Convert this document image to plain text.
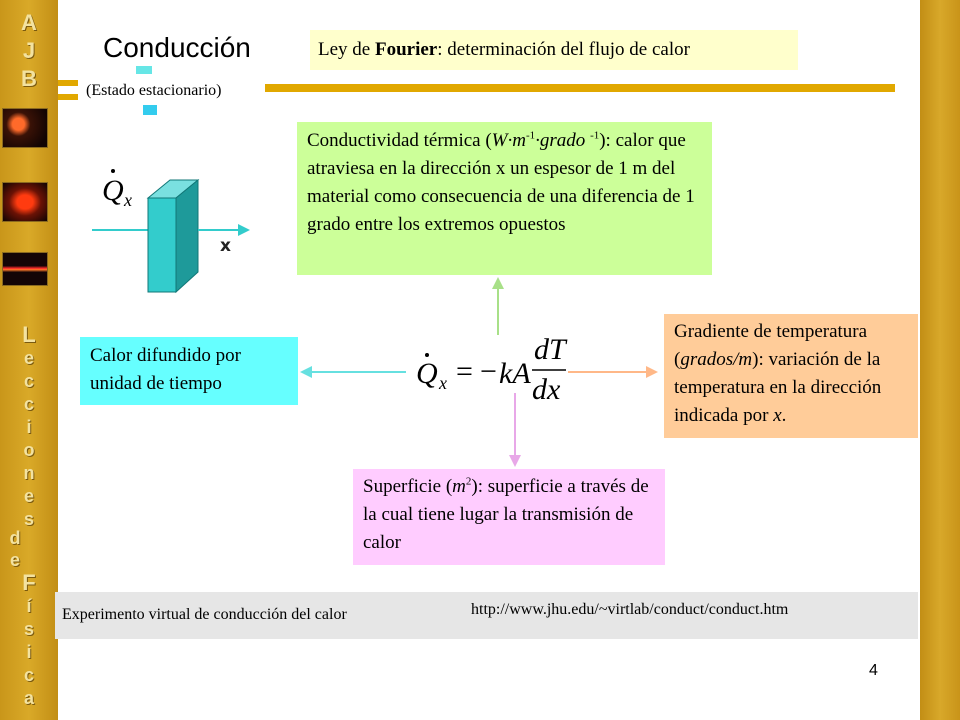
A
J
B
L
e
c
c
i
o
n
e
s
d
e
F
í
s
i
c
a
Conducción
(Estado estacionario)
Ley de Fourier: determinación del flujo de calor
Q x
x
Conductividad térmica ($W\cdot m^{-1}\cdot grado$ $^{-1}$): calor que atraviesa en la dirección x un espesor de 1 m del material como consecuencia de una diferencia de 1 grado entre los extremos opuestos
Calor difundido por unidad de tiempo
Gradiente de temperatura (grados/m): variación de la temperatura en la dirección indicada por x.
Superficie $(m^2)$: superficie a través de la cual tiene lugar la transmisión de calor
Q x = − kA
dT
dx
Experimento virtual de conducción del calor	http://www.jhu.edu/~virtlab/conduct/conduct.htm
4
